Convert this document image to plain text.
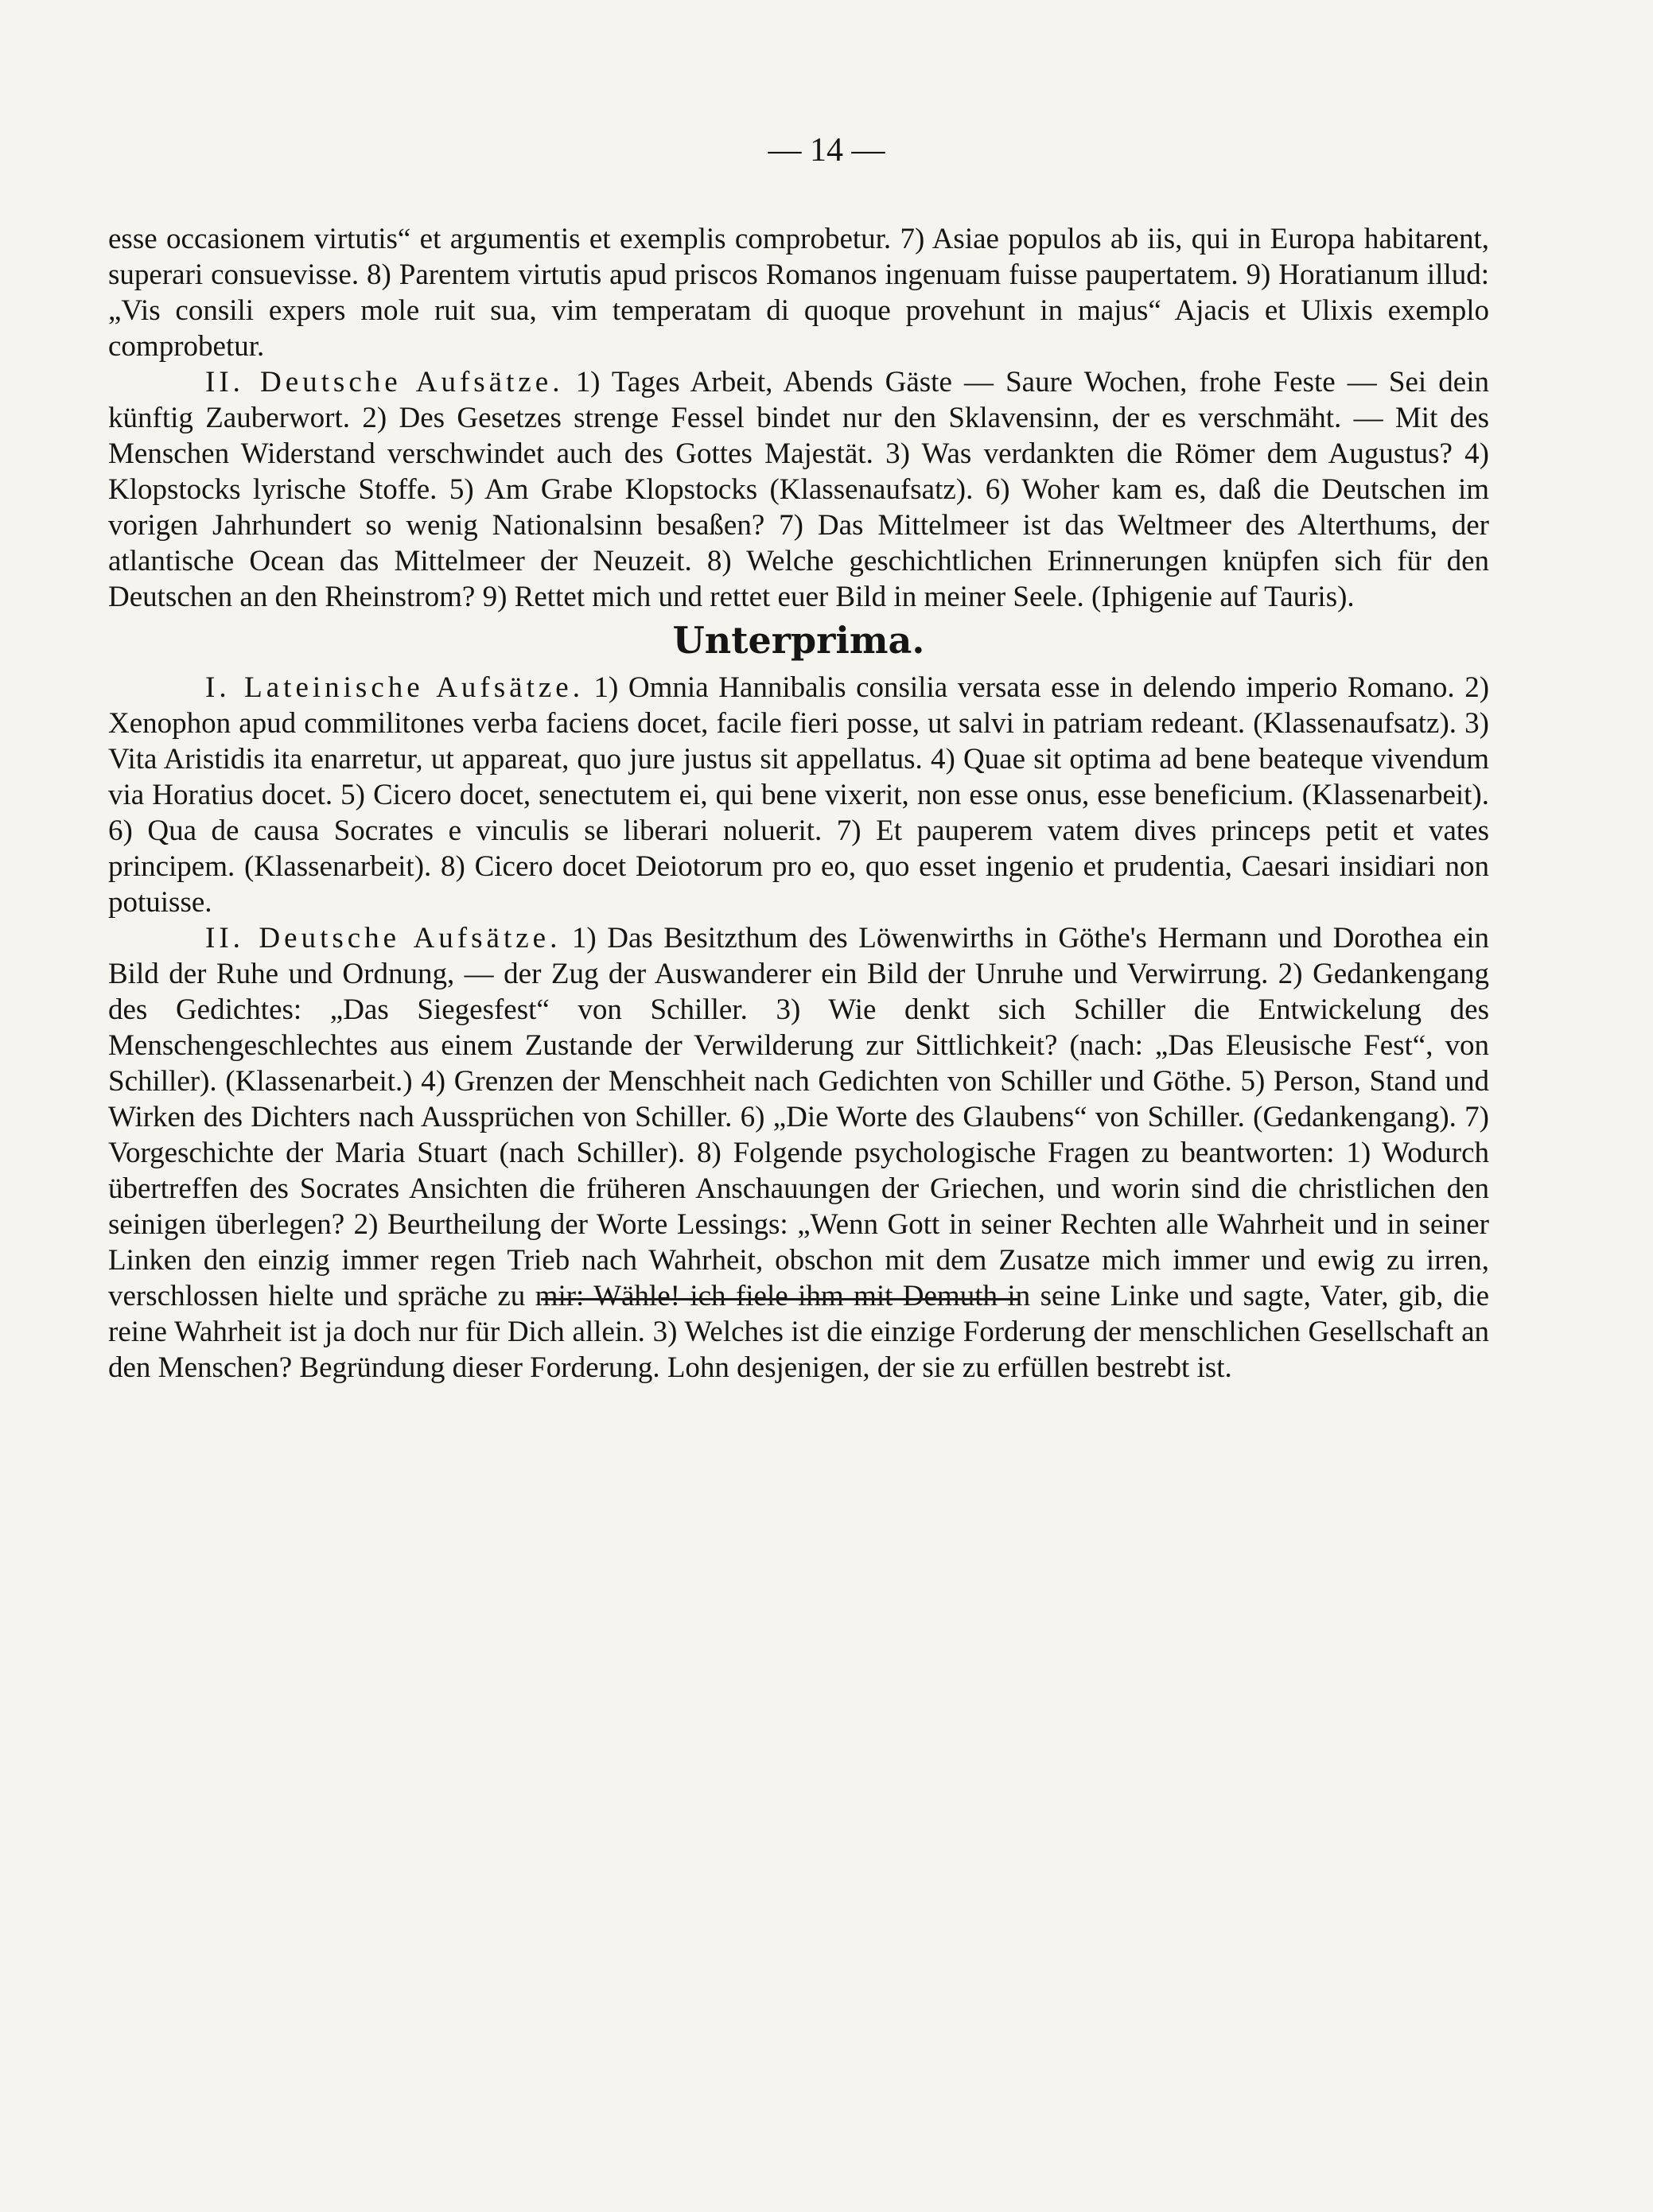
— 14 —

esse occasionem virtutis“ et argumentis et exemplis comprobetur. 7) Asiae populos ab iis, qui in Europa habitarent, superari consuevisse. 8) Parentem virtutis apud priscos Romanos ingenuam fuisse paupertatem. 9) Horatianum illud: „Vis consili expers mole ruit sua, vim temperatam di quoque provehunt in majus“ Ajacis et Ulixis exemplo comprobetur.

II. Deutsche Aufsätze. 1) Tages Arbeit, Abends Gäste — Saure Wochen, frohe Feste — Sei dein künftig Zauberwort. 2) Des Gesetzes strenge Fessel bindet nur den Sklavensinn, der es verschmäht. — Mit des Menschen Widerstand verschwindet auch des Gottes Majestät. 3) Was verdankten die Römer dem Augustus? 4) Klopstocks lyrische Stoffe. 5) Am Grabe Klopstocks (Klassenaufsatz). 6) Woher kam es, daß die Deutschen im vorigen Jahrhundert so wenig Nationalsinn besaßen? 7) Das Mittelmeer ist das Weltmeer des Alterthums, der atlantische Ocean das Mittelmeer der Neuzeit. 8) Welche geschichtlichen Erinnerungen knüpfen sich für den Deutschen an den Rheinstrom? 9) Rettet mich und rettet euer Bild in meiner Seele. (Iphigenie auf Tauris).

Unterprima.

I. Lateinische Aufsätze. 1) Omnia Hannibalis consilia versata esse in delendo imperio Romano. 2) Xenophon apud commilitones verba faciens docet, facile fieri posse, ut salvi in patriam redeant. (Klassenaufsatz). 3) Vita Aristidis ita enarretur, ut appareat, quo jure justus sit appellatus. 4) Quae sit optima ad bene beateque vivendum via Horatius docet. 5) Cicero docet, senectutem ei, qui bene vixerit, non esse onus, esse beneficium. (Klassenarbeit). 6) Qua de causa Socrates e vinculis se liberari noluerit. 7) Et pauperem vatem dives princeps petit et vates principem. (Klassenarbeit). 8) Cicero docet Deiotorum pro eo, quo esset ingenio et prudentia, Caesari insidiari non potuisse.

II. Deutsche Aufsätze. 1) Das Besitzthum des Löwenwirths in Göthe's Hermann und Dorothea ein Bild der Ruhe und Ordnung, — der Zug der Auswanderer ein Bild der Unruhe und Verwirrung. 2) Gedankengang des Gedichtes: „Das Siegesfest“ von Schiller. 3) Wie denkt sich Schiller die Entwickelung des Menschengeschlechtes aus einem Zustande der Verwilderung zur Sittlichkeit? (nach: „Das Eleusische Fest“, von Schiller). (Klassenarbeit.) 4) Grenzen der Menschheit nach Gedichten von Schiller und Göthe. 5) Person, Stand und Wirken des Dichters nach Aussprüchen von Schiller. 6) „Die Worte des Glaubens“ von Schiller. (Gedankengang). 7) Vorgeschichte der Maria Stuart (nach Schiller). 8) Folgende psychologische Fragen zu beantworten: 1) Wodurch übertreffen des Socrates Ansichten die früheren Anschauungen der Griechen, und worin sind die christlichen den seinigen überlegen? 2) Beurtheilung der Worte Lessings: „Wenn Gott in seiner Rechten alle Wahrheit und in seiner Linken den einzig immer regen Trieb nach Wahrheit, obschon mit dem Zusatze mich immer und ewig zu irren, verschlossen hielte und spräche zu mir: Wähle! ich fiele ihm mit Demuth in seine Linke und sagte, Vater, gib, die reine Wahrheit ist ja doch nur für Dich allein. 3) Welches ist die einzige Forderung der menschlichen Gesellschaft an den Menschen? Begründung dieser Forderung. Lohn desjenigen, der sie zu erfüllen bestrebt ist.
